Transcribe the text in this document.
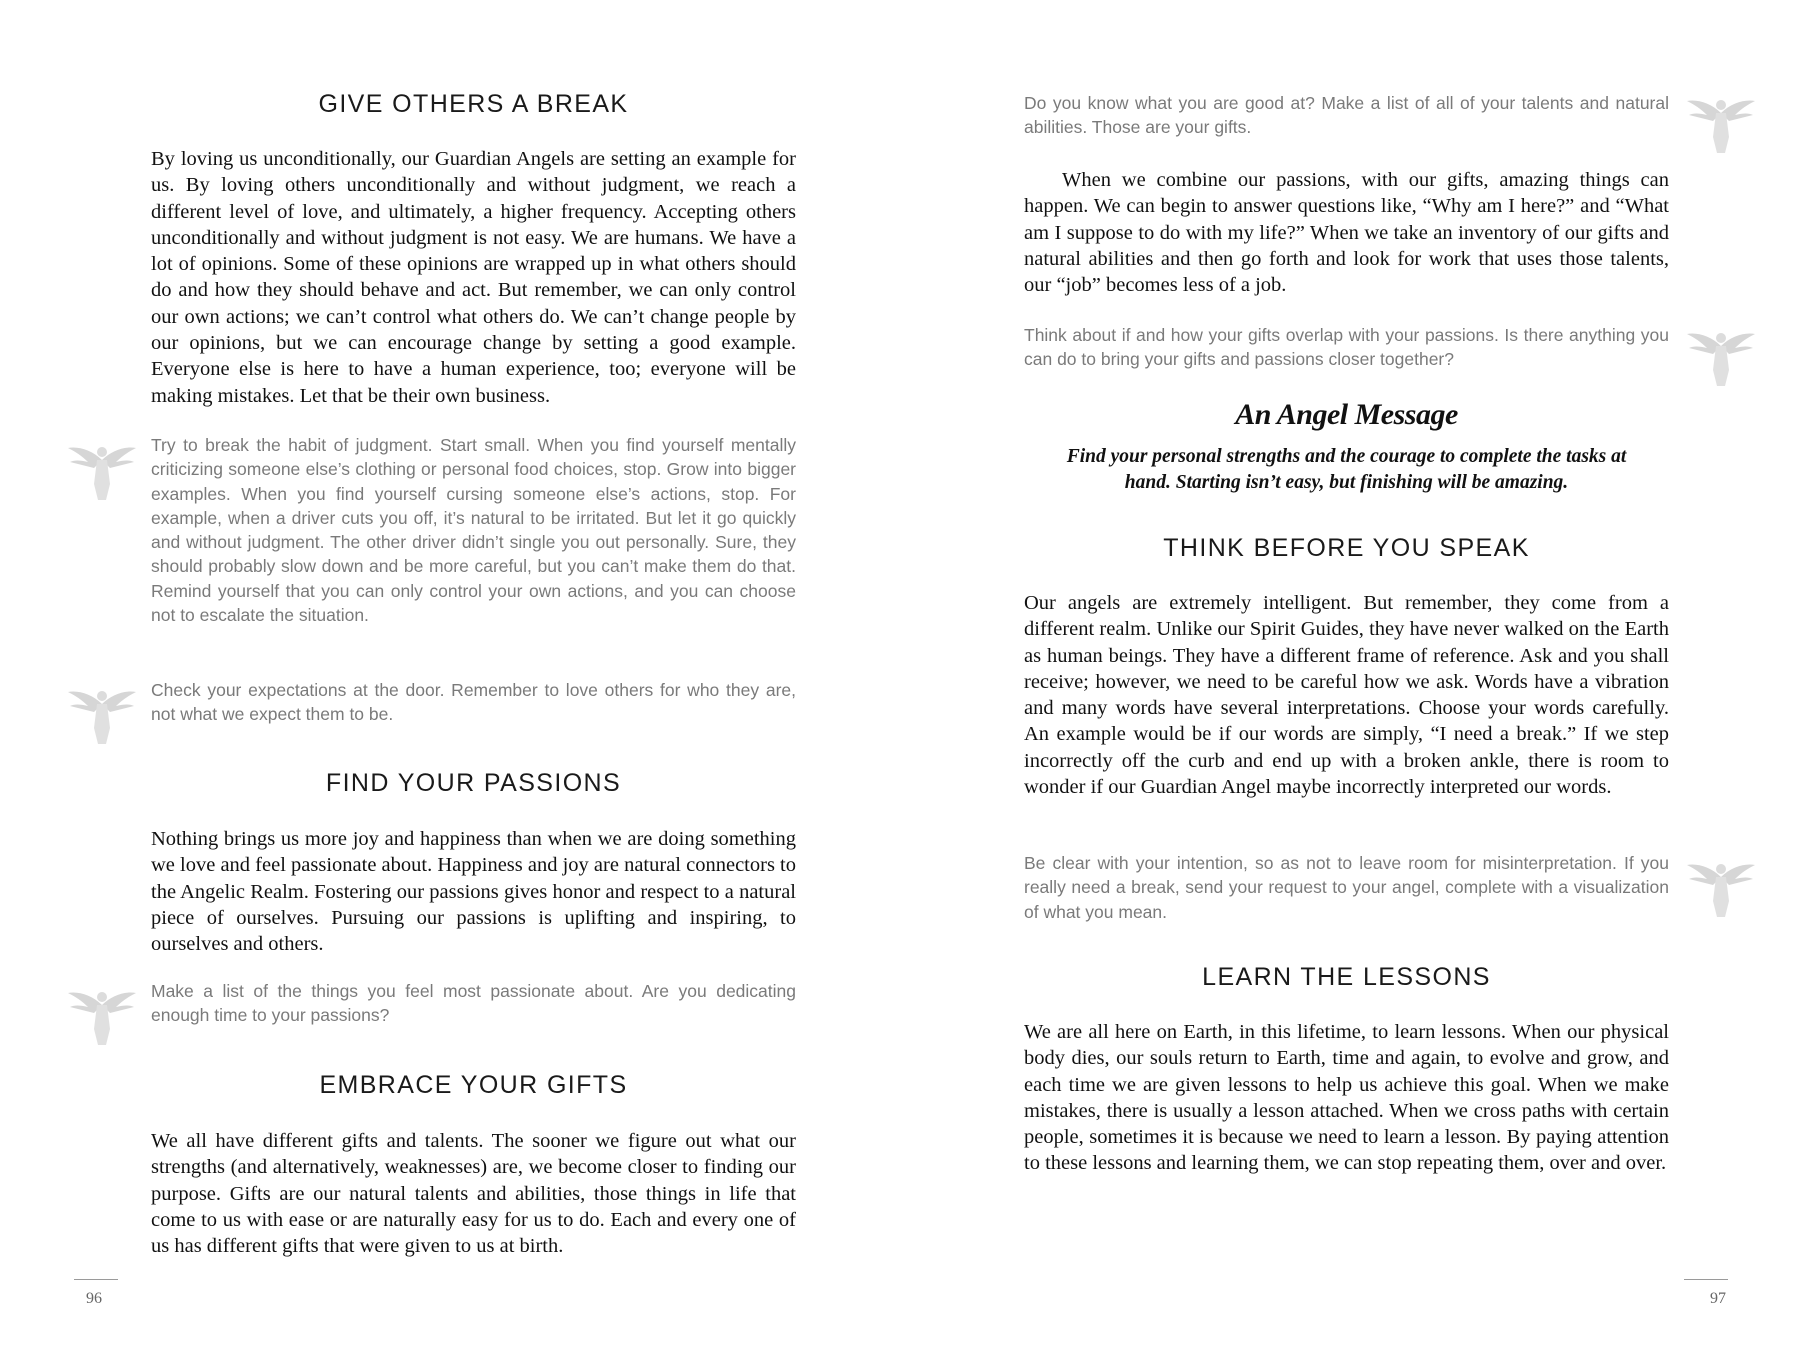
GIVE OTHERS A BREAK

By loving us unconditionally, our Guardian Angels are setting an example for us. By loving others unconditionally and without judgment, we reach a different level of love, and ultimately, a higher frequency. Accepting others unconditionally and without judgment is not easy. We are humans. We have a lot of opinions. Some of these opinions are wrapped up in what others should do and how they should behave and act. But remember, we can only control our own actions; we can’t control what others do. We can’t change people by our opinions, but we can encourage change by setting a good example. Everyone else is here to have a human experience, too; everyone will be making mistakes. Let that be their own business.

Try to break the habit of judgment. Start small. When you find yourself mentally criticizing someone else’s clothing or personal food choices, stop. Grow into bigger examples. When you find yourself cursing someone else’s actions, stop. For example, when a driver cuts you off, it’s natural to be irritated. But let it go quickly and without judgment. The other driver didn’t single you out personally. Sure, they should probably slow down and be more careful, but you can’t make them do that. Remind yourself that you can only control your own actions, and you can choose not to escalate the situation.

Check your expectations at the door. Remember to love others for who they are, not what we expect them to be.

FIND YOUR PASSIONS

Nothing brings us more joy and happiness than when we are doing something we love and feel passionate about. Happiness and joy are natural connectors to the Angelic Realm. Fostering our passions gives honor and respect to a natural piece of ourselves. Pursuing our passions is uplifting and inspiring, to ourselves and others.

Make a list of the things you feel most passionate about. Are you dedicating enough time to your passions?

EMBRACE YOUR GIFTS

We all have different gifts and talents. The sooner we figure out what our strengths (and alternatively, weaknesses) are, we become closer to finding our purpose. Gifts are our natural talents and abilities, those things in life that come to us with ease or are naturally easy for us to do. Each and every one of us has different gifts that were given to us at birth.

96

Do you know what you are good at? Make a list of all of your talents and natural abilities. Those are your gifts.

When we combine our passions, with our gifts, amazing things can happen. We can begin to answer questions like, “Why am I here?” and “What am I suppose to do with my life?” When we take an inventory of our gifts and natural abilities and then go forth and look for work that uses those talents, our “job” becomes less of a job.

Think about if and how your gifts overlap with your passions. Is there anything you can do to bring your gifts and passions closer together?

An Angel Message

Find your personal strengths and the courage to complete the tasks at hand. Starting isn’t easy, but finishing will be amazing.

THINK BEFORE YOU SPEAK

Our angels are extremely intelligent. But remember, they come from a different realm. Unlike our Spirit Guides, they have never walked on the Earth as human beings. They have a different frame of reference. Ask and you shall receive; however, we need to be careful how we ask. Words have a vibration and many words have several interpretations. Choose your words carefully. An example would be if our words are simply, “I need a break.” If we step incorrectly off the curb and end up with a broken ankle, there is room to wonder if our Guardian Angel maybe incorrectly interpreted our words.

Be clear with your intention, so as not to leave room for misinterpretation. If you really need a break, send your request to your angel, complete with a visualization of what you mean.

LEARN THE LESSONS

We are all here on Earth, in this lifetime, to learn lessons. When our physical body dies, our souls return to Earth, time and again, to evolve and grow, and each time we are given lessons to help us achieve this goal. When we make mistakes, there is usually a lesson attached. When we cross paths with certain people, sometimes it is because we need to learn a lesson. By paying attention to these lessons and learning them, we can stop repeating them, over and over.

97
